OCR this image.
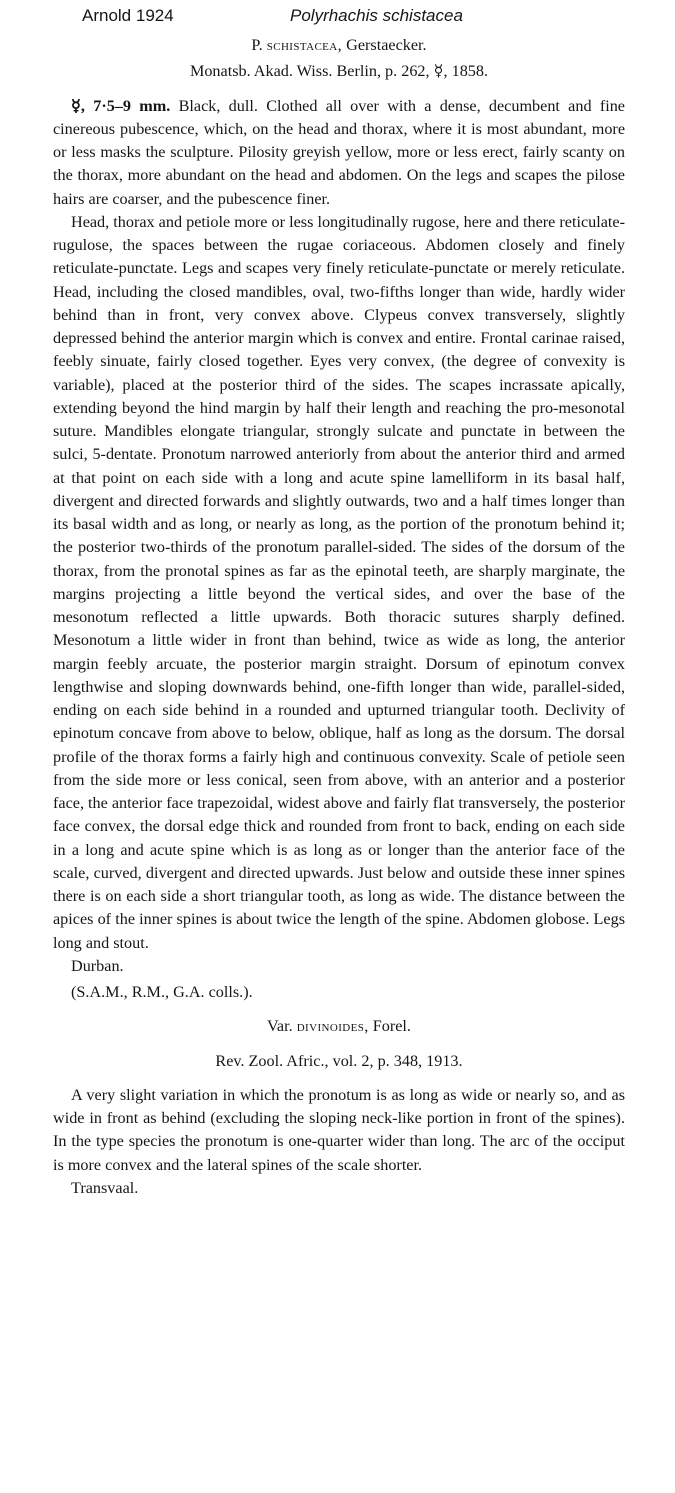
Arnold 1924	Polyrhachis schistacea
P. schistacea, Gerstaecker.
Monatsb. Akad. Wiss. Berlin, p. 262, ☿, 1858.

☿, 7·5–9 mm. Black, dull. Clothed all over with a dense, decumbent and fine cinereous pubescence, which, on the head and thorax, where it is most abundant, more or less masks the sculpture. Pilosity greyish yellow, more or less erect, fairly scanty on the thorax, more abundant on the head and abdomen. On the legs and scapes the pilose hairs are coarser, and the pubescence finer.

Head, thorax and petiole more or less longitudinally rugose, here and there reticulate-rugulose, the spaces between the rugae coriaceous. Abdomen closely and finely reticulate-punctate. Legs and scapes very finely reticulate-punctate or merely reticulate. Head, including the closed mandibles, oval, two-fifths longer than wide, hardly wider behind than in front, very convex above. Clypeus convex transversely, slightly depressed behind the anterior margin which is convex and entire. Frontal carinae raised, feebly sinuate, fairly closed together. Eyes very convex, (the degree of convexity is variable), placed at the posterior third of the sides. The scapes incrassate apically, extending beyond the hind margin by half their length and reaching the pro-mesonotal suture. Mandibles elongate triangular, strongly sulcate and punctate in between the sulci, 5-dentate. Pronotum narrowed anteriorly from about the anterior third and armed at that point on each side with a long and acute spine lamelliform in its basal half, divergent and directed forwards and slightly outwards, two and a half times longer than its basal width and as long, or nearly as long, as the portion of the pronotum behind it; the posterior two-thirds of the pronotum parallel-sided. The sides of the dorsum of the thorax, from the pronotal spines as far as the epinotal teeth, are sharply marginate, the margins projecting a little beyond the vertical sides, and over the base of the mesonotum reflected a little upwards. Both thoracic sutures sharply defined. Mesonotum a little wider in front than behind, twice as wide as long, the anterior margin feebly arcuate, the posterior margin straight. Dorsum of epinotum convex lengthwise and sloping downwards behind, one-fifth longer than wide, parallel-sided, ending on each side behind in a rounded and upturned triangular tooth. Declivity of epinotum concave from above to below, oblique, half as long as the dorsum. The dorsal profile of the thorax forms a fairly high and continuous convexity. Scale of petiole seen from the side more or less conical, seen from above, with an anterior and a posterior face, the anterior face trapezoidal, widest above and fairly flat transversely, the posterior face convex, the dorsal edge thick and rounded from front to back, ending on each side in a long and acute spine which is as long as or longer than the anterior face of the scale, curved, divergent and directed upwards. Just below and outside these inner spines there is on each side a short triangular tooth, as long as wide. The distance between the apices of the inner spines is about twice the length of the spine. Abdomen globose. Legs long and stout.

Durban.
(S.A.M., R.M., G.A. colls.).
Var. divinoides, Forel.
Rev. Zool. Afric., vol. 2, p. 348, 1913.

A very slight variation in which the pronotum is as long as wide or nearly so, and as wide in front as behind (excluding the sloping neck-like portion in front of the spines). In the type species the pronotum is one-quarter wider than long. The arc of the occiput is more convex and the lateral spines of the scale shorter.

Transvaal.
